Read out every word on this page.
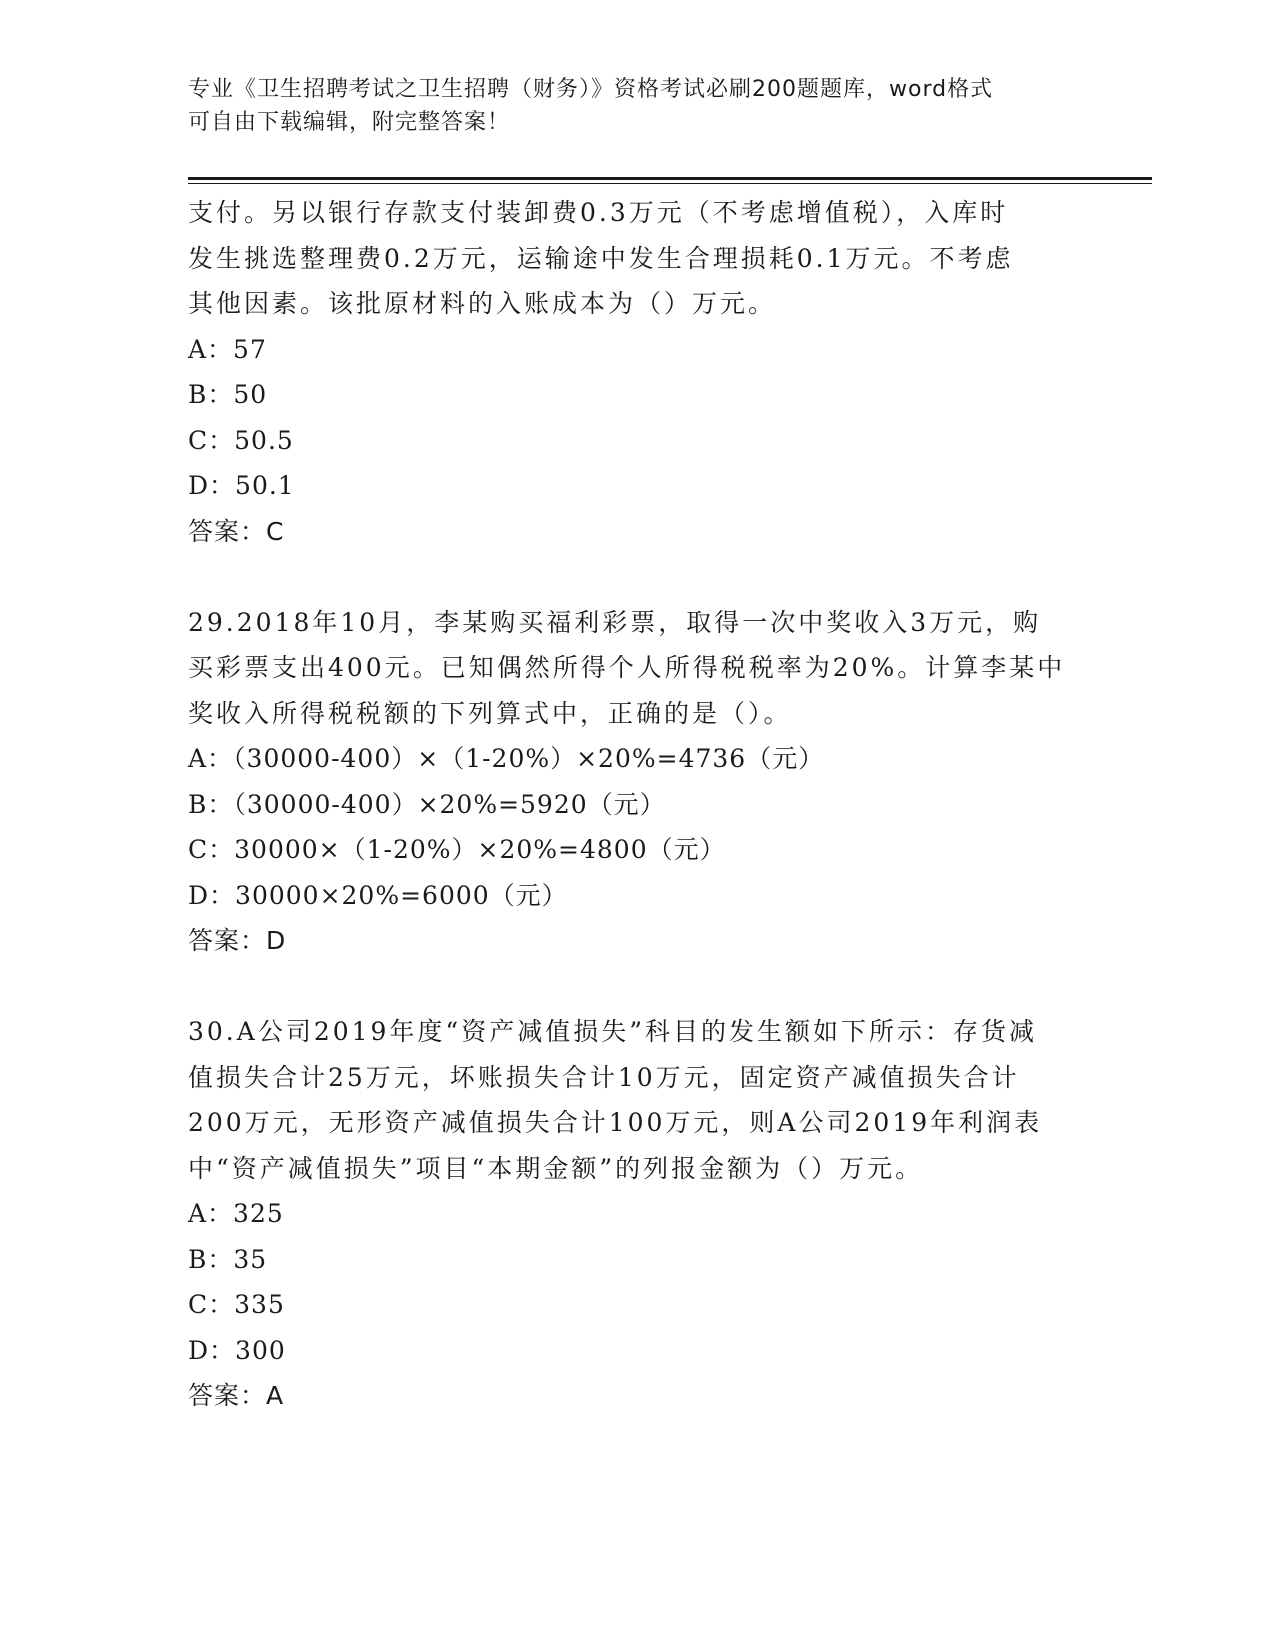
专业《卫生招聘考试之卫生招聘（财务）》资格考试必刷200题题库，word格式
可自由下载编辑，附完整答案！
支付。另以银行存款支付装卸费0.3万元（不考虑增值税），入库时
发生挑选整理费0.2万元，运输途中发生合理损耗0.1万元。不考虑
其他因素。该批原材料的入账成本为（）万元。
A：57
B：50
C：50.5
D：50.1
答案：C
29.2018年10月，李某购买福利彩票，取得一次中奖收入3万元，购
买彩票支出400元。已知偶然所得个人所得税税率为20%。计算李某中
奖收入所得税税额的下列算式中，正确的是（）。
A：（30000-400）×（1-20%）×20%=4736（元）
B：（30000-400）×20%=5920（元）
C：30000×（1-20%）×20%=4800（元）
D：30000×20%=6000（元）
答案：D
30.A公司2019年度“资产减值损失”科目的发生额如下所示：存货减
值损失合计25万元，坏账损失合计10万元，固定资产减值损失合计
200万元，无形资产减值损失合计100万元，则A公司2019年利润表
中“资产减值损失”项目“本期金额”的列报金额为（）万元。
A：325
B：35
C：335
D：300
答案：A
